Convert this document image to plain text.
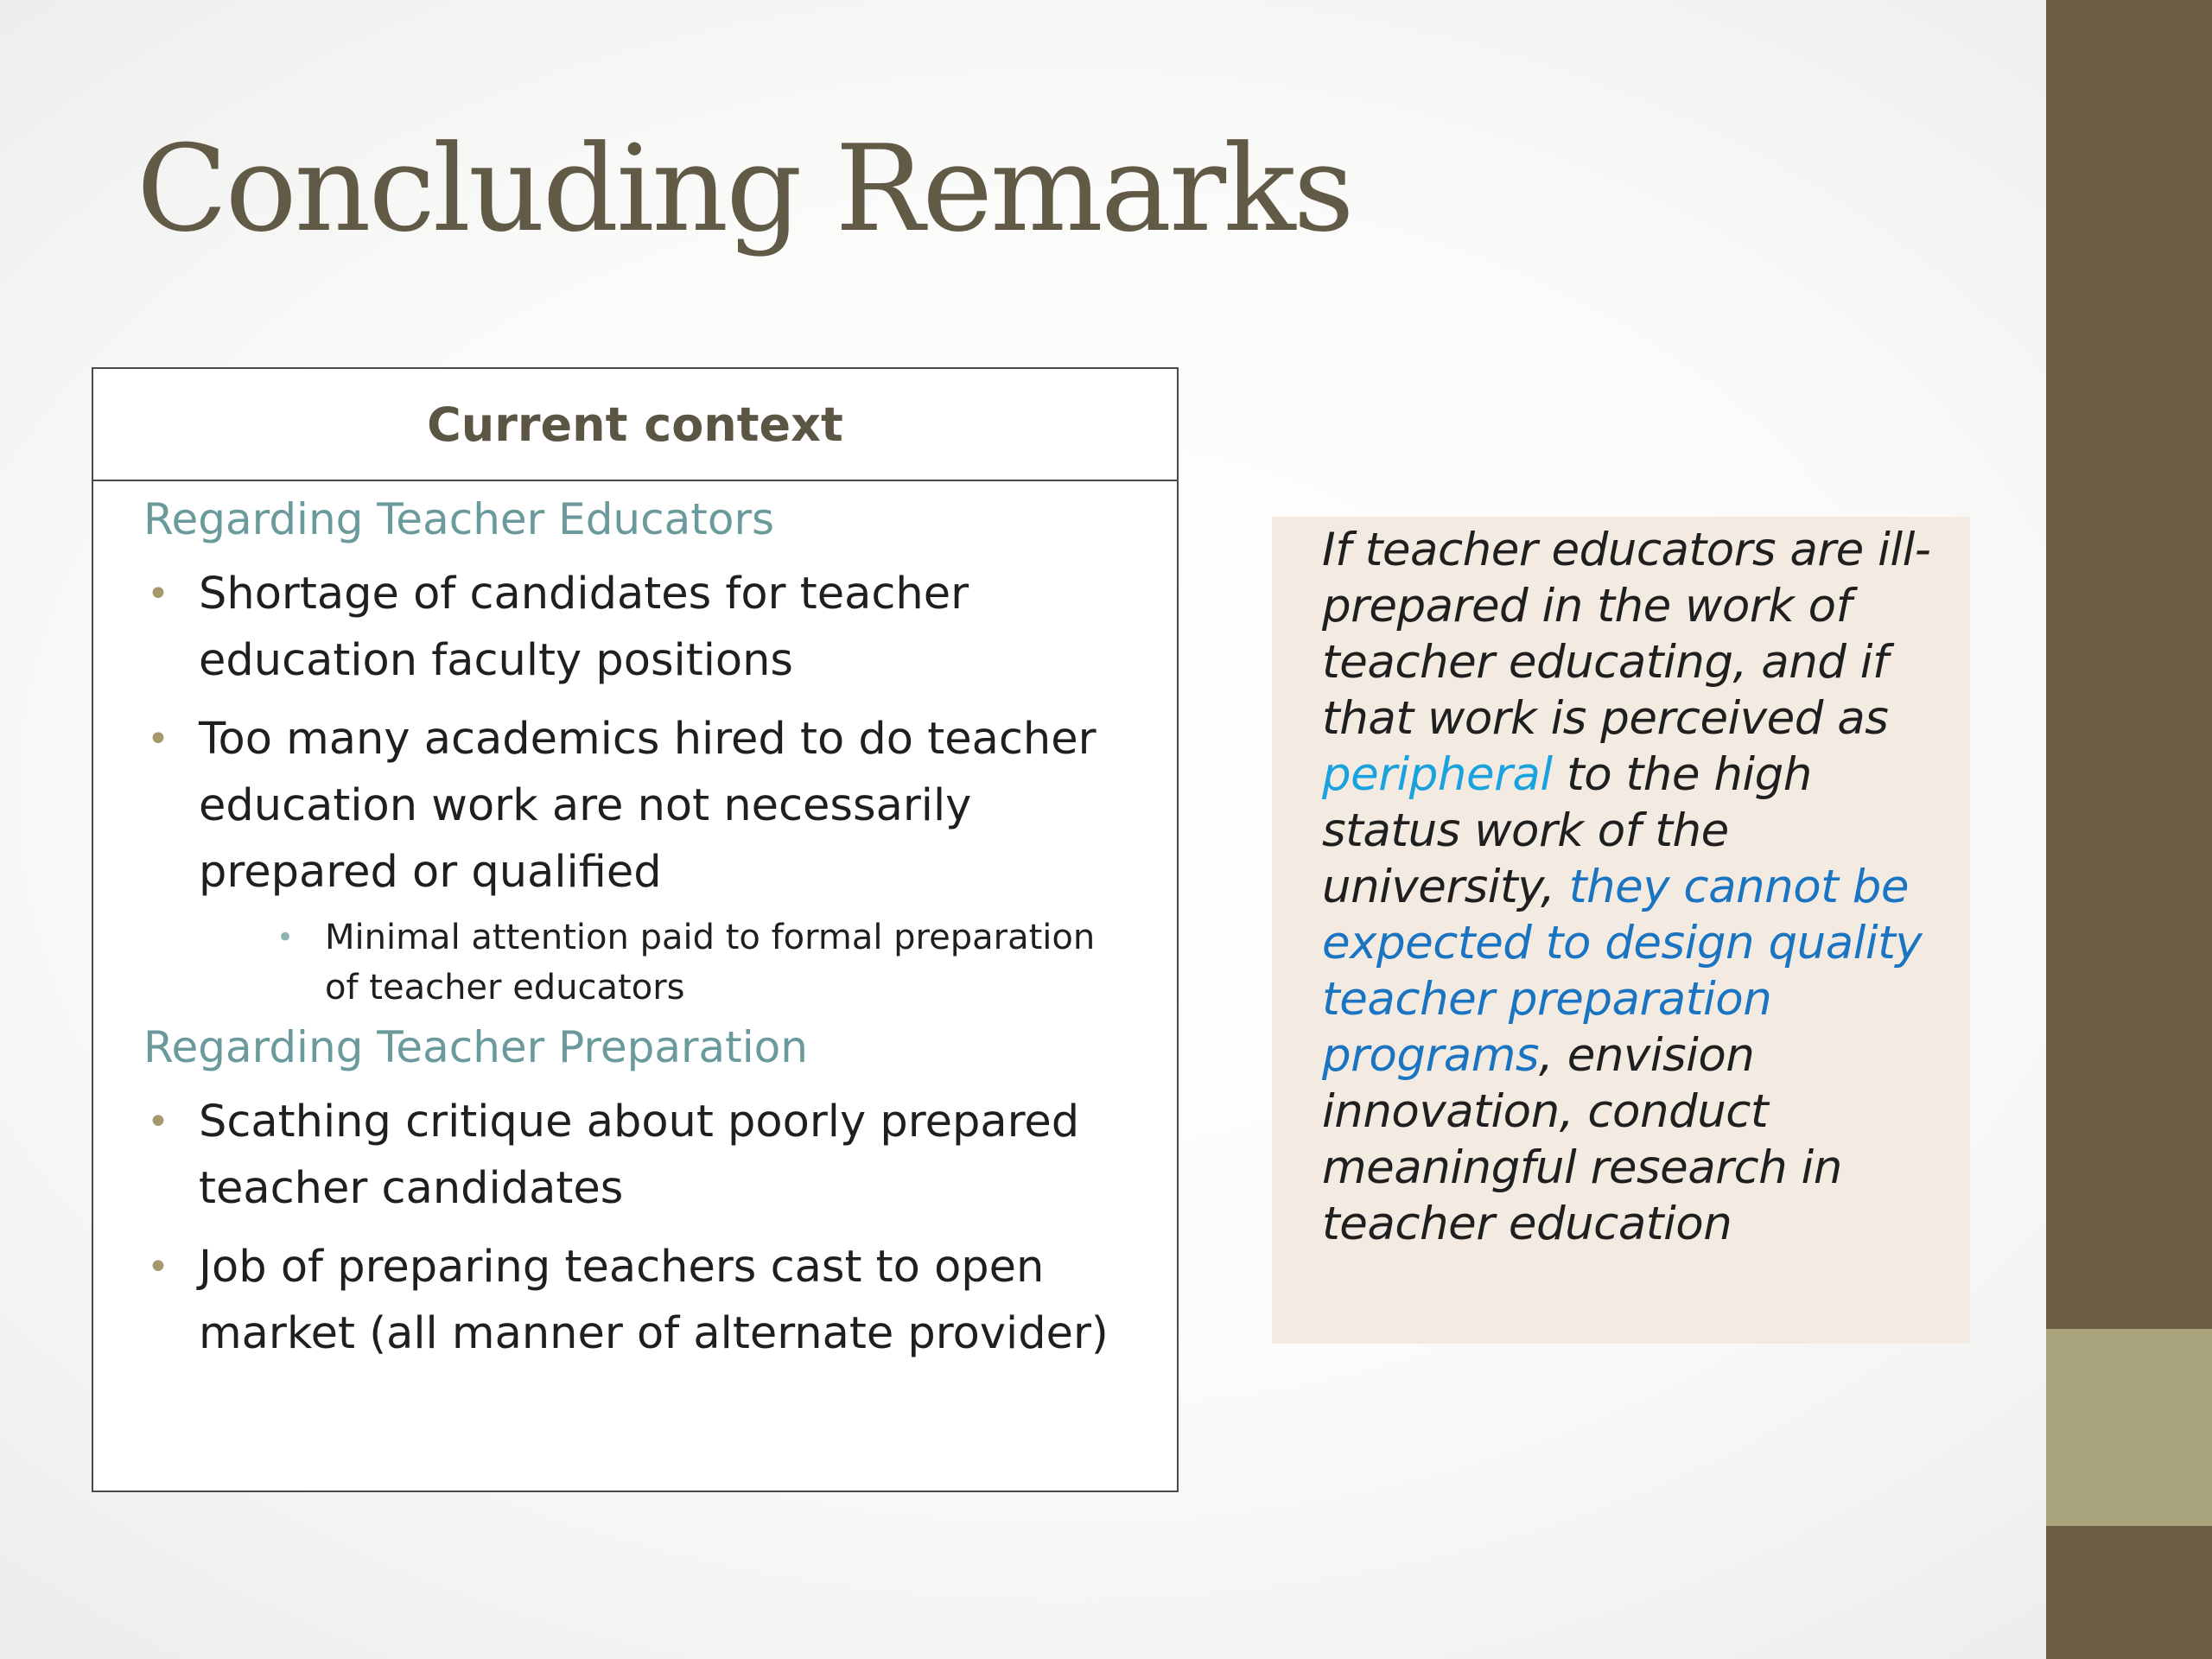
Concluding Remarks
Current context

Regarding Teacher Educators

• Shortage of candidates for teacher education faculty positions
• Too many academics hired to do teacher education work are not necessarily prepared or qualified
• Minimal attention paid to formal preparation of teacher educators

Regarding Teacher Preparation

• Scathing critique about poorly prepared teacher candidates
• Job of preparing teachers cast to open market (all manner of alternate provider)

If teacher educators are ill-prepared in the work of teacher educating, and if that work is perceived as peripheral to the high status work of the university, they cannot be expected to design quality teacher preparation programs, envision innovation, conduct meaningful research in teacher education
